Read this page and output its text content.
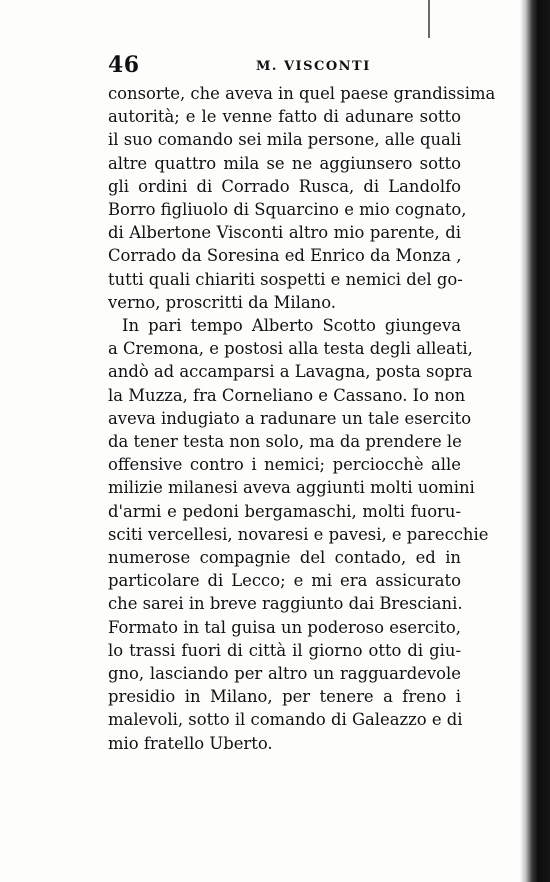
46	M. VISCONTI
consorte, che aveva in quel paese grandissima
autorità; e le venne fatto di adunare sotto
il suo comando sei mila persone, alle quali
altre quattro mila se ne aggiunsero sotto
gli ordini di Corrado Rusca, di Landolfo
Borro figliuolo di Squarcino e mio cognato,
di Albertone Visconti altro mio parente, di
Corrado da Soresina ed Enrico da Monza ,
tutti quali chiariti sospetti e nemici del go-
verno, proscritti da Milano.
In pari tempo Alberto Scotto giungeva
a Cremona, e postosi alla testa degli alleati,
andò ad accamparsi a Lavagna, posta sopra
la Muzza, fra Corneliano e Cassano. Io non
aveva indugiato a radunare un tale esercito
da tener testa non solo, ma da prendere le
offensive contro i nemici; perciocchè alle
milizie milanesi aveva aggiunti molti uomini
d'armi e pedoni bergamaschi, molti fuoru-
sciti vercellesi, novaresi e pavesi, e parecchie
numerose compagnie del contado, ed in
particolare di Lecco; e mi era assicurato
che sarei in breve raggiunto dai Bresciani.
Formato in tal guisa un poderoso esercito,
lo trassi fuori di città il giorno otto di giu-
gno, lasciando per altro un ragguardevole
presidio in Milano, per tenere a freno i
malevoli, sotto il comando di Galeazzo e di
mio fratello Uberto.
